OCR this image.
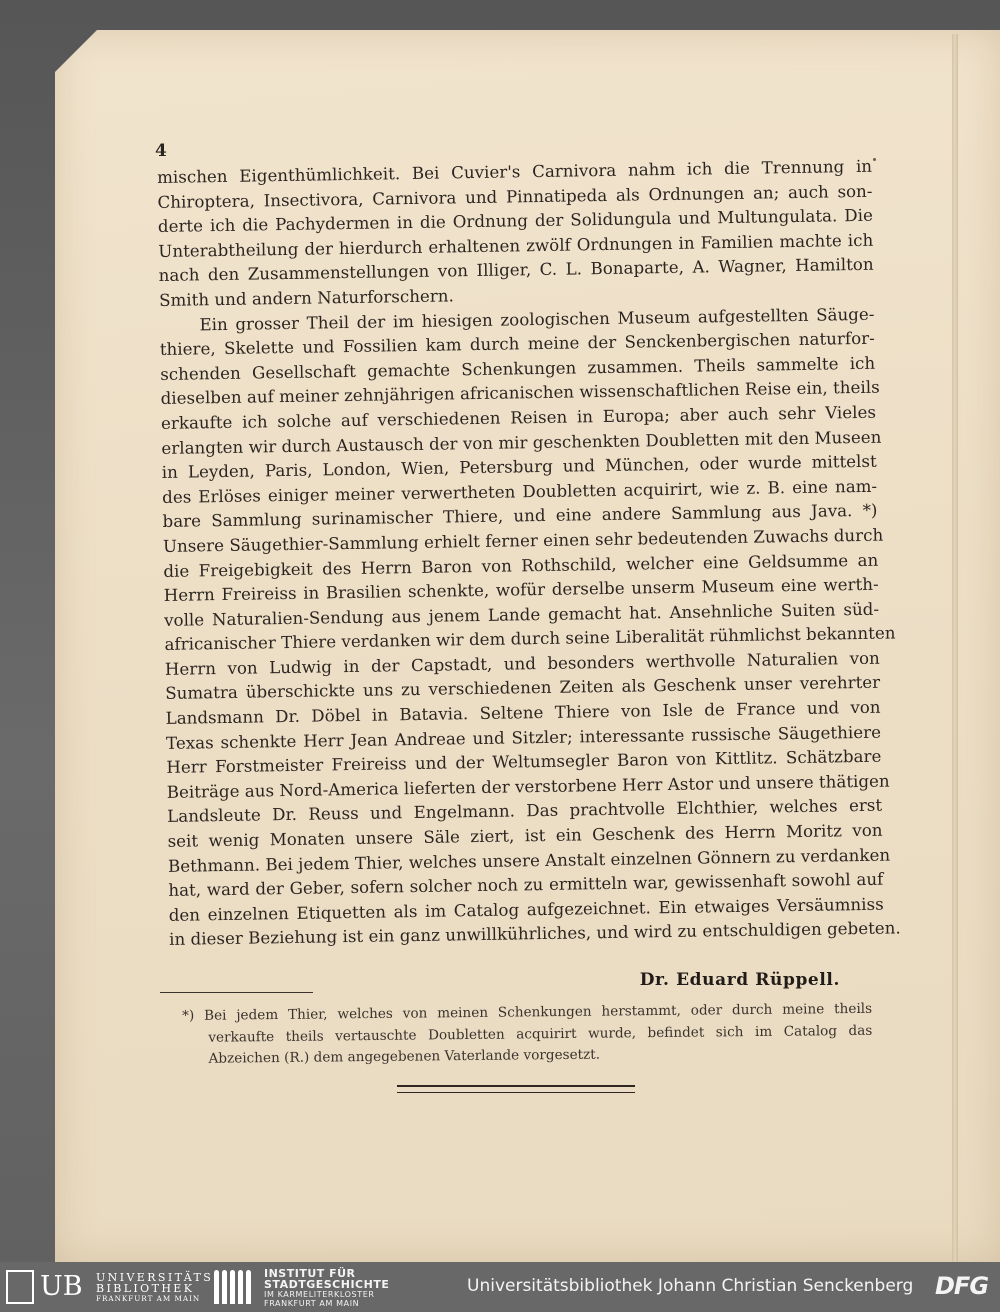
4
mischen Eigenthümlichkeit. Bei Cuvier's Carnivora nahm ich die Trennung in
Chiroptera, Insectivora, Carnivora und Pinnatipeda als Ordnungen an; auch son-
derte ich die Pachydermen in die Ordnung der Solidungula und Multungulata. Die
Unterabtheilung der hierdurch erhaltenen zwölf Ordnungen in Familien machte ich
nach den Zusammenstellungen von Illiger, C. L. Bonaparte, A. Wagner, Hamilton
Smith und andern Naturforschern.
Ein grosser Theil der im hiesigen zoologischen Museum aufgestellten Säuge-
thiere, Skelette und Fossilien kam durch meine der Senckenbergischen naturfor-
schenden Gesellschaft gemachte Schenkungen zusammen. Theils sammelte ich
dieselben auf meiner zehnjährigen africanischen wissenschaftlichen Reise ein, theils
erkaufte ich solche auf verschiedenen Reisen in Europa; aber auch sehr Vieles
erlangten wir durch Austausch der von mir geschenkten Doubletten mit den Museen
in Leyden, Paris, London, Wien, Petersburg und München, oder wurde mittelst
des Erlöses einiger meiner verwertheten Doubletten acquirirt, wie z. B. eine nam-
bare Sammlung surinamischer Thiere, und eine andere Sammlung aus Java. *)
Unsere Säugethier-Sammlung erhielt ferner einen sehr bedeutenden Zuwachs durch
die Freigebigkeit des Herrn Baron von Rothschild, welcher eine Geldsumme an
Herrn Freireiss in Brasilien schenkte, wofür derselbe unserm Museum eine werth-
volle Naturalien-Sendung aus jenem Lande gemacht hat. Ansehnliche Suiten süd-
africanischer Thiere verdanken wir dem durch seine Liberalität rühmlichst bekannten
Herrn von Ludwig in der Capstadt, und besonders werthvolle Naturalien von
Sumatra überschickte uns zu verschiedenen Zeiten als Geschenk unser verehrter
Landsmann Dr. Döbel in Batavia. Seltene Thiere von Isle de France und von
Texas schenkte Herr Jean Andreae und Sitzler; interessante russische Säugethiere
Herr Forstmeister Freireiss und der Weltumsegler Baron von Kittlitz. Schätzbare
Beiträge aus Nord-America lieferten der verstorbene Herr Astor und unsere thätigen
Landsleute Dr. Reuss und Engelmann. Das prachtvolle Elchthier, welches erst
seit wenig Monaten unsere Säle ziert, ist ein Geschenk des Herrn Moritz von
Bethmann. Bei jedem Thier, welches unsere Anstalt einzelnen Gönnern zu verdanken
hat, ward der Geber, sofern solcher noch zu ermitteln war, gewissenhaft sowohl auf
den einzelnen Etiquetten als im Catalog aufgezeichnet. Ein etwaiges Versäumniss
in dieser Beziehung ist ein ganz unwillkührliches, und wird zu entschuldigen gebeten.
Dr. Eduard Rüppell.
*) Bei jedem Thier, welches von meinen Schenkungen herstammt, oder durch meine theils
verkaufte theils vertauschte Doubletten acquirirt wurde, befindet sich im Catalog das
Abzeichen (R.) dem angegebenen Vaterlande vorgesetzt.
UB UNIVERSITÄTS
BIBLIOTHEK
FRANKFURT AM MAIN
INSTITUT FÜR
STADTGESCHICHTE
IM KARMELITERKLOSTER
FRANKFURT AM MAIN
Universitätsbibliothek Johann Christian Senckenberg DFG
